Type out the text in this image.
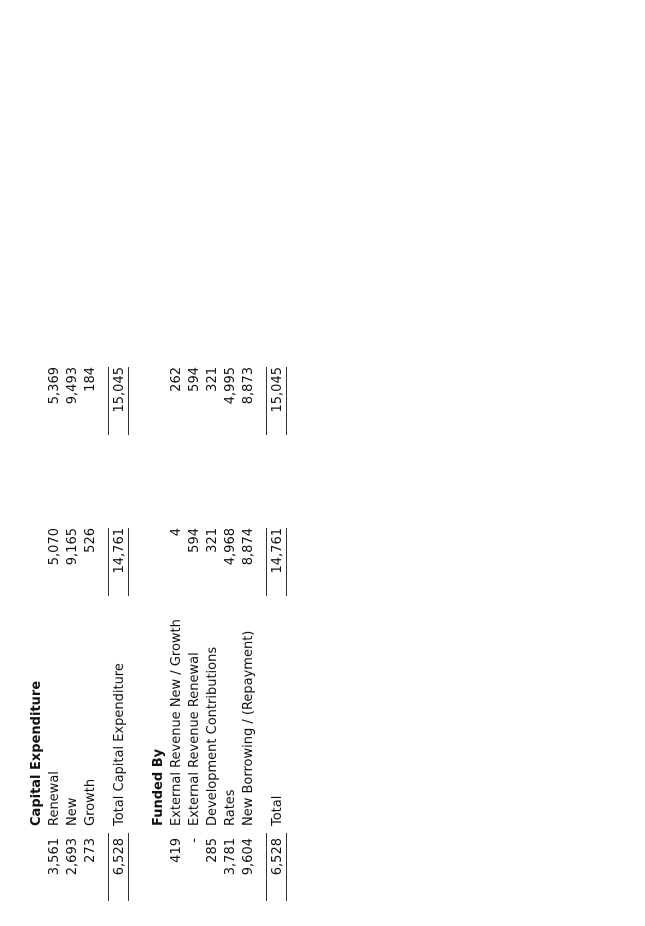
Capital Expenditure
3,561
Renewal
5,070
5,369
2,693
New
9,165
9,493
273
Growth
526
184
6,528
Total Capital Expenditure
14,761
15,045
Funded By
419
External Revenue New / Growth
4
262
-
External Revenue Renewal
594
594
285
Development Contributions
321
321
3,781
Rates
4,968
4,995
9,604
New Borrowing / (Repayment)
8,874
8,873
6,528
Total
14,761
15,045
